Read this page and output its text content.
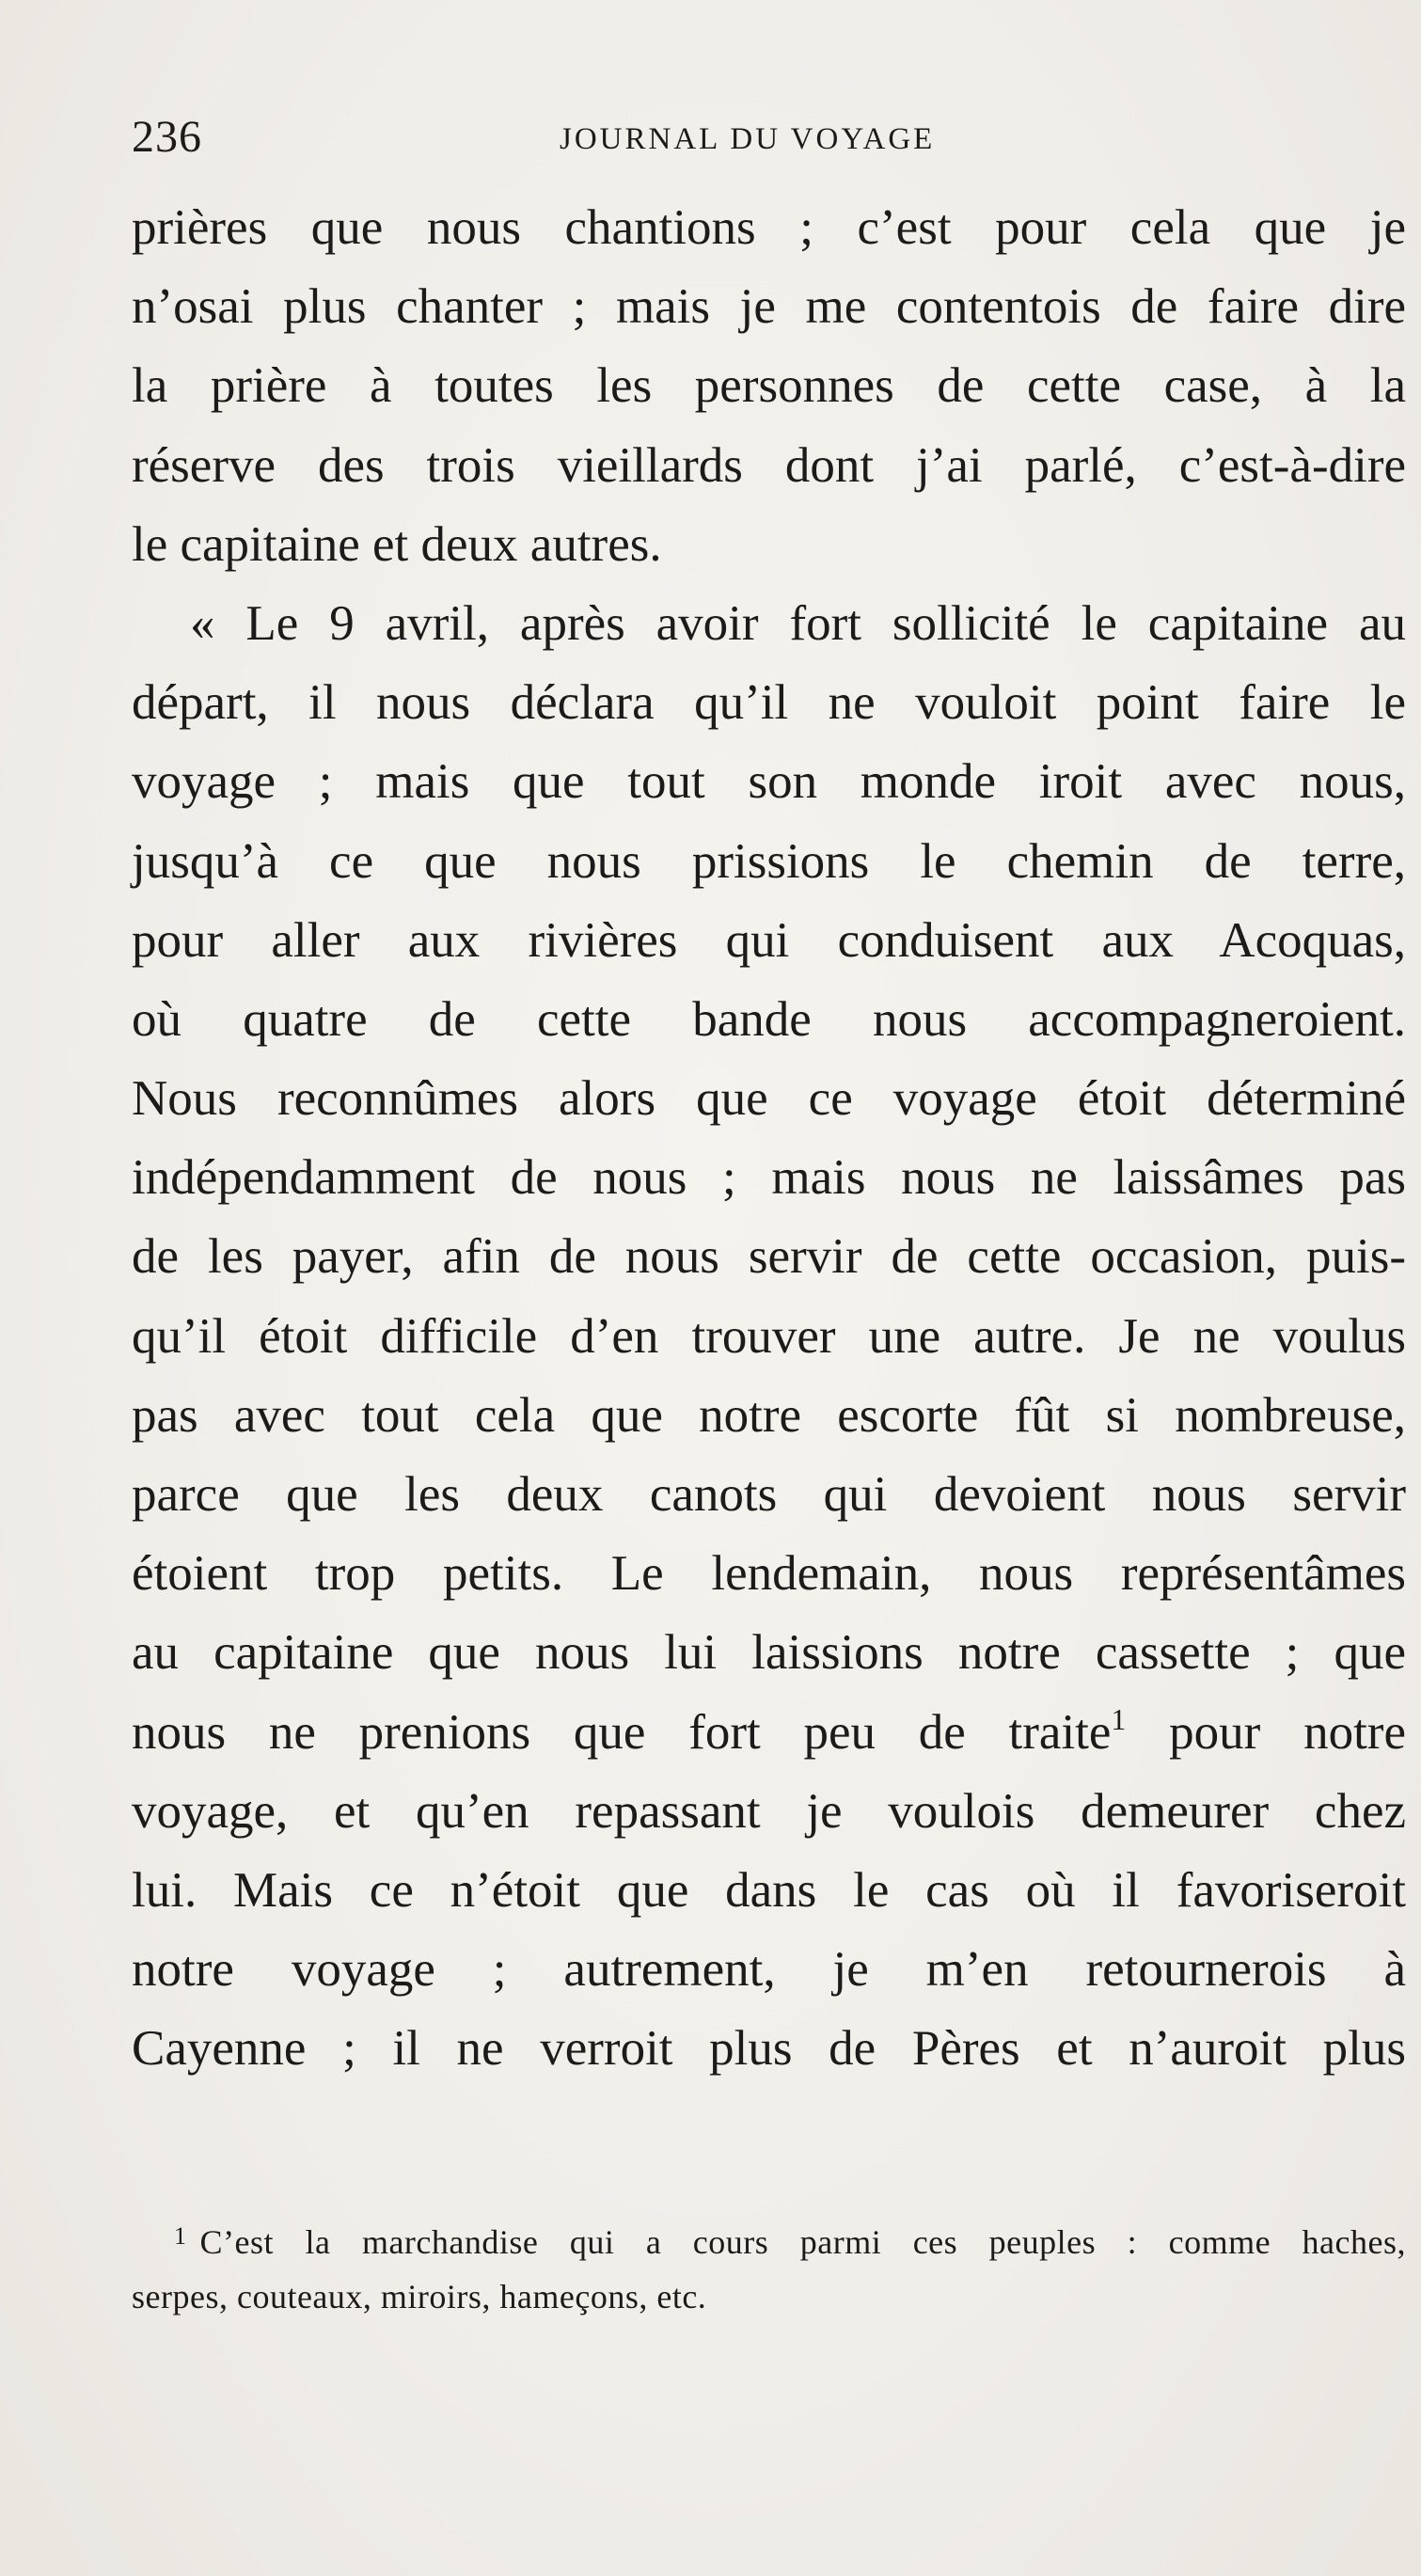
236	JOURNAL DU VOYAGE
prières que nous chantions ; c’est pour cela que je
n’osai plus chanter ; mais je me contentois de faire dire
la prière à toutes les personnes de cette case, à la
réserve des trois vieillards dont j’ai parlé, c’est-à-dire
le capitaine et deux autres.
« Le 9 avril, après avoir fort sollicité le capitaine au
départ, il nous déclara qu’il ne vouloit point faire le
voyage ; mais que tout son monde iroit avec nous,
jusqu’à ce que nous prissions le chemin de terre,
pour aller aux rivières qui conduisent aux Acoquas,
où quatre de cette bande nous accompagneroient.
Nous reconnûmes alors que ce voyage étoit déterminé
indépendamment de nous ; mais nous ne laissâmes pas
de les payer, afin de nous servir de cette occasion, puis-
qu’il étoit difficile d’en trouver une autre. Je ne voulus
pas avec tout cela que notre escorte fût si nombreuse,
parce que les deux canots qui devoient nous servir
étoient trop petits. Le lendemain, nous représentâmes
au capitaine que nous lui laissions notre cassette ; que
nous ne prenions que fort peu de traite$^1$ pour notre
voyage, et qu’en repassant je voulois demeurer chez
lui. Mais ce n’étoit que dans le cas où il favoriseroit
notre voyage ; autrement, je m’en retournerois à
Cayenne ; il ne verroit plus de Pères et n’auroit plus
$^1$ C’est la marchandise qui a cours parmi ces peuples : comme haches,
serpes, couteaux, miroirs, hameçons, etc.
